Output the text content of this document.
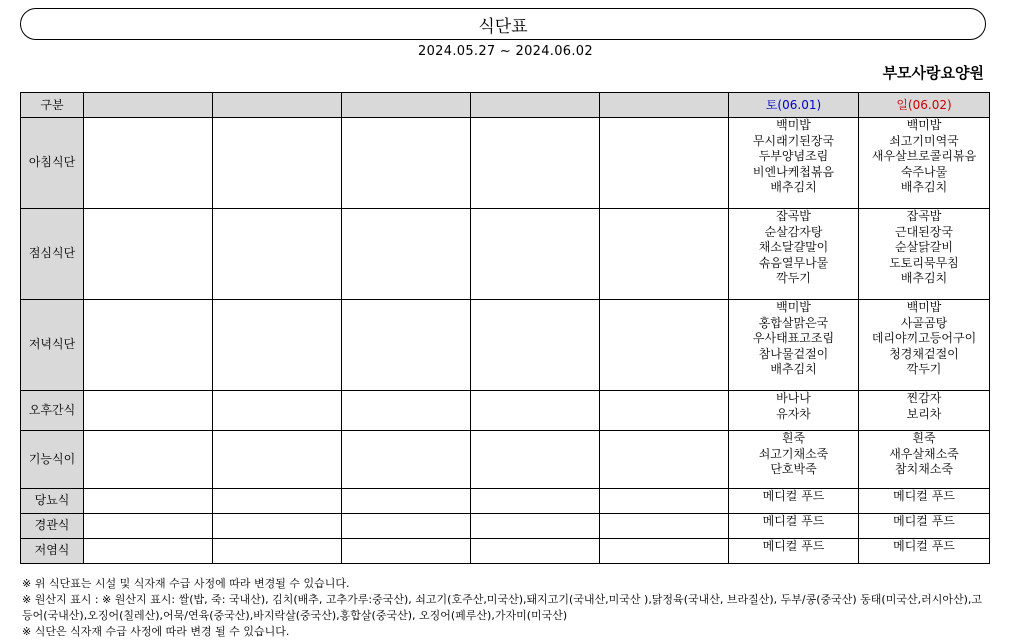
식단표
2024.05.27 ~ 2024.06.02
부모사랑요양원
구분						토(06.01)	일(06.02)
아침식단						백미밥
무시래기된장국
두부양념조림
비엔나케첩볶음
배추김치	백미밥
쇠고기미역국
새우살브로콜리볶음
숙주나물
배추김치

점심식단						잡곡밥
순살감자탕
채소달걀말이
솎음열무나물
깍두기	잡곡밥
근대된장국
순살닭갈비
도토리묵무침
배추김치

저녁식단						백미밥
홍합살맑은국
우사태표고조림
참나물겉절이
배추김치	백미밥
사골곰탕
데리야끼고등어구이
청경채겉절이
깍두기

오후간식						바나나
유자차	찐감자
보리차

기능식이						흰죽
쇠고기채소죽
단호박죽	흰죽
새우살채소죽
참치채소죽

당뇨식						메디컬 푸드	메디컬 푸드

경관식						메디컬 푸드	메디컬 푸드

저염식						메디컬 푸드	메디컬 푸드
※ 위 식단표는 시설 및 식자재 수급 사정에 따라 변경될 수 있습니다.
※ 원산지 표시 : ※ 원산지 표시: 쌀(밥, 죽: 국내산), 김치(배추, 고추가루:중국산), 쇠고기(호주산,미국산),돼지고기(국내산,미국산 ),닭정육(국내산, 브라질산), 두부/콩(중국산) 동태(미국산,러시아산),고등어(국내산),오징어(칠레산),어묵/연육(중국산),바지락살(중국산),홍합살(중국산), 오징어(페루산),가자미(미국산)
※ 식단은 식자재 수급 사정에 따라 변경 될 수 있습니다.
